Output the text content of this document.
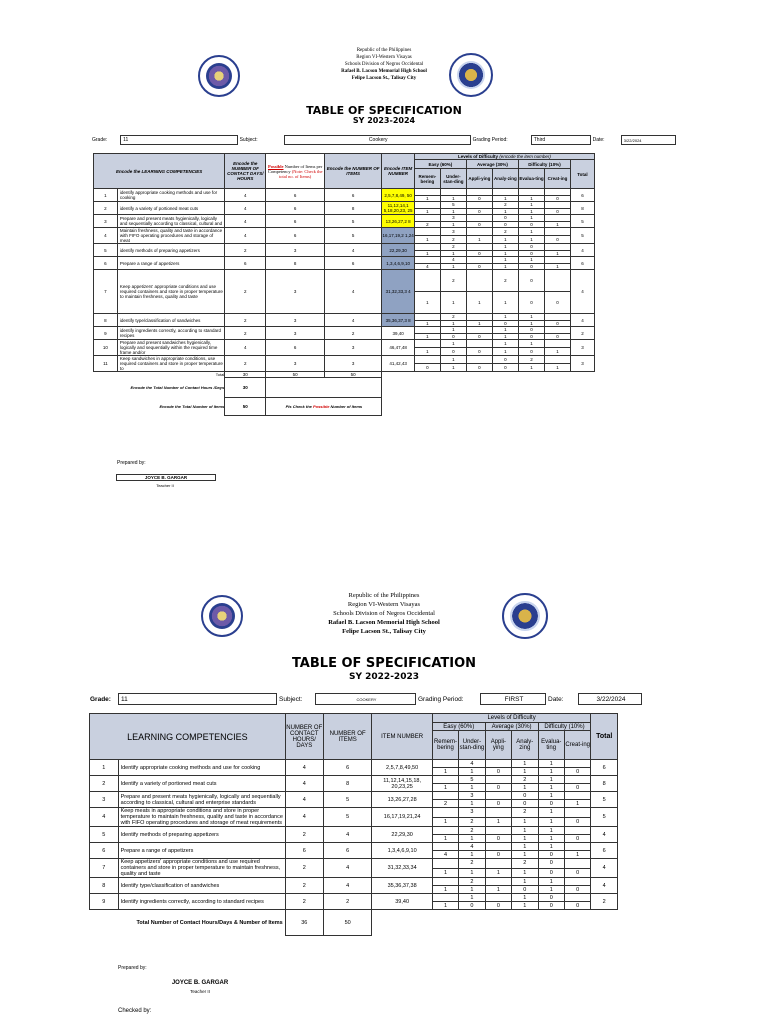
Republic of the Philippines
Region VI-Western Visayas
Schools Division of Negros Occidental
Rafael B. Lacson Memorial High School
Felipe Lacson St., Talisay City
TABLE OF SPECIFICATION
SY 2023-2024
Grade:	11	Subject:	Cookery	Grading Period:	Third	Date:	3/22/2024
Encode the LEARNING COMPETENCIES		Encode the NUMBER OF CONTACT DAYS/ HOURS	Possible Number of Items per Competency (Note: Check the total no. of Items)	Encode the NUMBER OF ITEMS	Encode ITEM NUMBER	Levels of Difficulty (encode the item number)						
						Easy (60%)		Average (30%)		Difficulty (10%)		Total
						Remem-bering	Under-stan-ding	Appli-ying	Analy-zing	Evalua-ting	Creat-ing	
1	identify appropriate cooking methods and use for cooking	4	6	6	2,5,7,8,49, 50							6
						1	1	0	1	1	0	
2	identify a variety of portioned meat cuts	4	6	8	11,12,14,1 5,18,20,23, 25		5		2	1		8
						1	1	0	1	1	0	
3	Prepare and present meats hygienically, logically and sequentially according to classical, cultural and	4	6	5	13,26,27,2 8		3		0	1		5
						2	1	0	0	0	1	
4	Maintain freshness, quality and taste in accordance with FIFO operating procedures and storage of meat	4	6	5	16,17,19,2 1,24		3		2	1		5
						1	2	1	1	1	0	
5	identify methods of preparing appetizers	2	3	4	22,29,30		2		1	0		4
						1	1	0	1	0	1	
6	Prepare a range of appetizers	6	8	6	1,3,4,6,9,10		4		1	1		6
						4	1	0	1	0	1	
7	Keep appetizers' appropriate conditions and use required containers and store in proper temperature to maintain freshness, quality and taste	2	3	4	31,32,33,3 4		2		2	0		4
						1	1	1	1	0	0	
8	identify type/classification of sandwiches	2	3	4	35,36,37,3 8		2		1	1		4
						1	1	1	0	1	0	
9	identify ingredients correctly, according to standard recipes	2	3	2	39,40		1		1	0		2
						1	0	0	1	0	0	
10	Prepare and present sandwiches hygienically, logically and sequentially within the required time frame and/or	4	6	3	46,47,48		1		1	1		3
						1	0	0	1	0	1	
11	Keep sandwiches in appropriate conditions, use required containers and store in proper temperature to	2	3	3	41,42,43		1		0	2		3
						0	1	0	0	1	1	
Total		30	50	50								
Encode the Total Number of Contact Hours /Days		30										
Encode the Total Number of Items		50	Pls Check the Possible Number of Items									
Prepared by:
JOYCE B. GARGAR
Teacher II
Republic of the Philippines
Region VI-Western Visayas
Schools Division of Negros Occidental
Rafael B. Lacson Memorial High School
Felipe Lacson St., Talisay City
TABLE OF SPECIFICATION
SY 2022-2023
Grade:	11	Subject:	COOKERY	Grading Period:	FIRST	Date:	3/22/2024
LEARNING COMPETENCIES		NUMBER OF CONTACT HOURS/ DAYS	NUMBER OF ITEMS	ITEM NUMBER	Levels of Difficulty						Total
					Easy (60%)		Average (30%)		Difficulty (10%)		
					Remem-bering	Under-stan-ding	Appli-ying	Analy-zing	Evalua-ting	Creat-ing	
1	Identify appropriate cooking methods and use for cooking	4	6	2,5,7,8,49,50		4		1	1		6
					1	1	0	1	1	0	
2	Identify a variety of portioned meat cuts	4	8	11,12,14,15,18, 20,23,25		5		2	1		8
					1	1	0	1	1	0	
3	Prepare and present meats hygienically, logically and sequentially according to classical, cultural and enterprise standards	4	5	13,26,27,28		3		0	1		5
					2	1	0	0	0	1	
4	Keep meats in appropriate conditions and store in proper temperature to maintain freshness, quality and taste in accordance with FIFO operating procedures and storage of meat requirements	4	5	16,17,19,21,24		3		2	1		5
					1	2	1	1	1	0	
5	Identify methods of preparing appetizers	2	4	22,29,30		2		1	1		4
					1	1	0	1	1	0	
6	Prepare a range of appetizers	6	6	1,3,4,6,9,10		4		1	1		6
					4	1	0	1	0	1	
7	Keep appetizers' appropriate conditions and use required containers and store in proper temperature to maintain freshness, quality and taste	2	4	31,32,33,34		2		2	0		4
					1	1	1	1	0	0	
8	Identify type/classification of sandwiches	2	4	35,36,37,38		2		1	1		4
					1	1	1	0	1	0	
9	Identify ingredients correctly, according to standard recipes	2	2	39,40		1		1	0		2
					1	0	0	1	0	0	
Total Number of Contact Hours/Days & Number of Items		36	50								
Prepared by:
JOYCE B. GARGAR
Teacher II
Checked by:
